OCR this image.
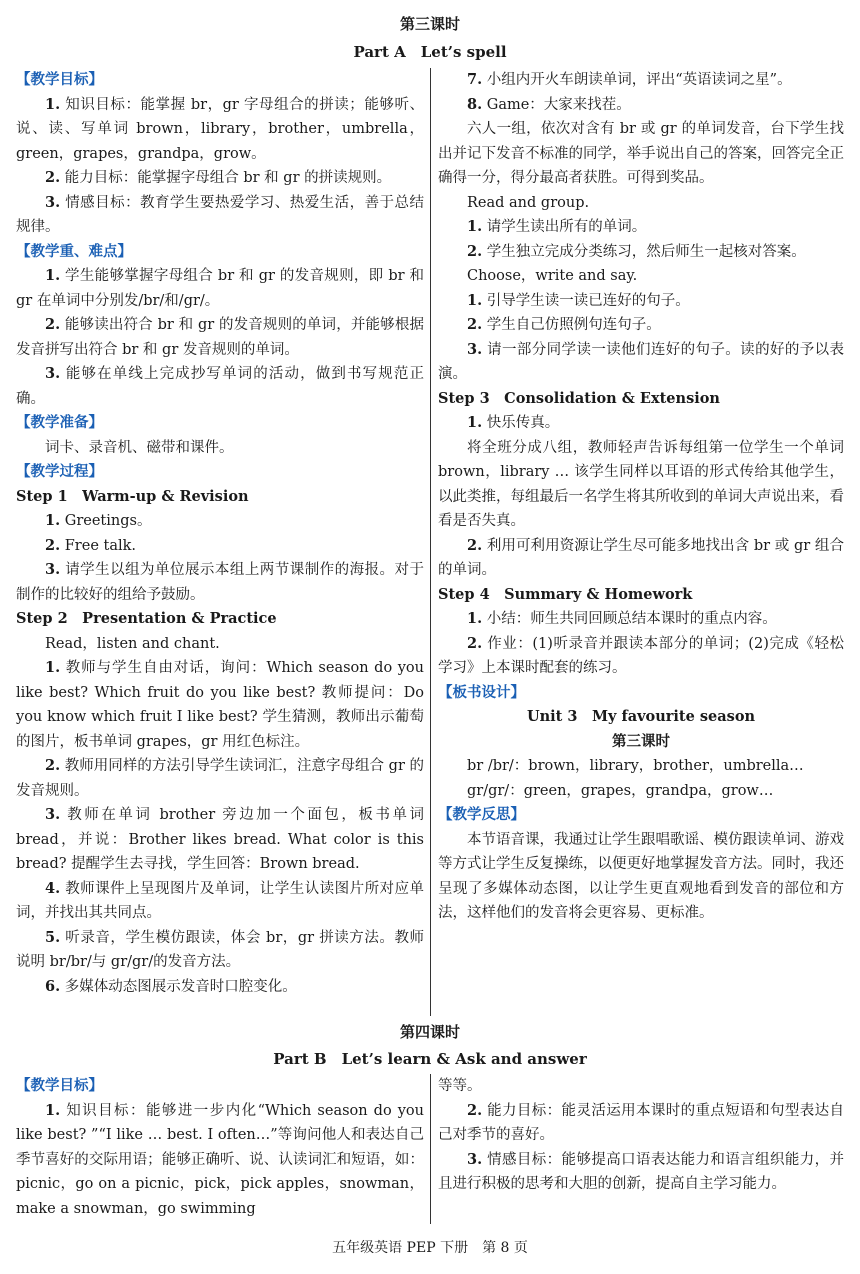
第三课时
Part A　Let’s spell

【教学目标】

1. 知识目标：能掌握 br，gr 字母组合的拼读；能够听、说、读、写单词 brown，library，brother，umbrella，green，grapes，grandpa，grow。

2. 能力目标：能掌握字母组合 br 和 gr 的拼读规则。

3. 情感目标：教育学生要热爱学习、热爱生活，善于总结规律。

【教学重、难点】

1. 学生能够掌握字母组合 br 和 gr 的发音规则，即 br 和 gr 在单词中分别发/br/和/gr/。

2. 能够读出符合 br 和 gr 的发音规则的单词，并能够根据发音拼写出符合 br 和 gr 发音规则的单词。

3. 能够在单线上完成抄写单词的活动，做到书写规范正确。

【教学准备】

词卡、录音机、磁带和课件。

【教学过程】

Step 1　Warm-up & Revision

1. Greetings。

2. Free talk.

3. 请学生以组为单位展示本组上两节课制作的海报。对于制作的比较好的组给予鼓励。

Step 2　Presentation & Practice

Read，listen and chant.

1. 教师与学生自由对话，询问：Which season do you like best? Which fruit do you like best? 教师提问：Do you know which fruit I like best? 学生猜测，教师出示葡萄的图片，板书单词 grapes，gr 用红色标注。

2. 教师用同样的方法引导学生读词汇，注意字母组合 gr 的发音规则。

3. 教师在单词 brother 旁边加一个面包，板书单词 bread，并说：Brother likes bread. What color is this bread? 提醒学生去寻找，学生回答：Brown bread.

4. 教师课件上呈现图片及单词，让学生认读图片所对应单词，并找出其共同点。

5. 听录音，学生模仿跟读，体会 br，gr 拼读方法。教师说明 br/br/与 gr/gr/的发音方法。

6. 多媒体动态图展示发音时口腔变化。

7. 小组内开火车朗读单词，评出“英语读词之星”。

8. Game：大家来找茬。

六人一组，依次对含有 br 或 gr 的单词发音，台下学生找出并记下发音不标准的同学，举手说出自己的答案，回答完全正确得一分，得分最高者获胜。可得到奖品。

Read and group.

1. 请学生读出所有的单词。

2. 学生独立完成分类练习，然后师生一起核对答案。

Choose，write and say.

1. 引导学生读一读已连好的句子。

2. 学生自己仿照例句连句子。

3. 请一部分同学读一读他们连好的句子。读的好的予以表演。

Step 3　Consolidation & Extension

1. 快乐传真。

将全班分成八组，教师轻声告诉每组第一位学生一个单词 brown，library … 该学生同样以耳语的形式传给其他学生，以此类推，每组最后一名学生将其所收到的单词大声说出来，看看是否失真。

2. 利用可利用资源让学生尽可能多地找出含 br 或 gr 组合的单词。

Step 4　Summary & Homework

1. 小结：师生共同回顾总结本课时的重点内容。

2. 作业：(1)听录音并跟读本部分的单词；(2)完成《轻松学习》上本课时配套的练习。

【板书设计】

Unit 3　My favourite season

第三课时

br /br/：brown，library，brother，umbrella…

gr/gr/：green，grapes，grandpa，grow…

【教学反思】

本节语音课，我通过让学生跟唱歌谣、模仿跟读单词、游戏等方式让学生反复操练，以便更好地掌握发音方法。同时，我还呈现了多媒体动态图，以让学生更直观地看到发音的部位和方法，这样他们的发音将会更容易、更标准。

第四课时
Part B　Let’s learn & Ask and answer

【教学目标】

1. 知识目标：能够进一步内化“Which season do you like best? ”“I like … best. I often…”等询问他人和表达自己季节喜好的交际用语；能够正确听、说、认读词汇和短语，如：picnic，go on a picnic，pick，pick apples，snowman，make a snowman，go swimming

等等。

2. 能力目标：能灵活运用本课时的重点短语和句型表达自己对季节的喜好。

3. 情感目标：能够提高口语表达能力和语言组织能力，并且进行积极的思考和大胆的创新，提高自主学习能力。

五年级英语 PEP 下册　第 8 页
